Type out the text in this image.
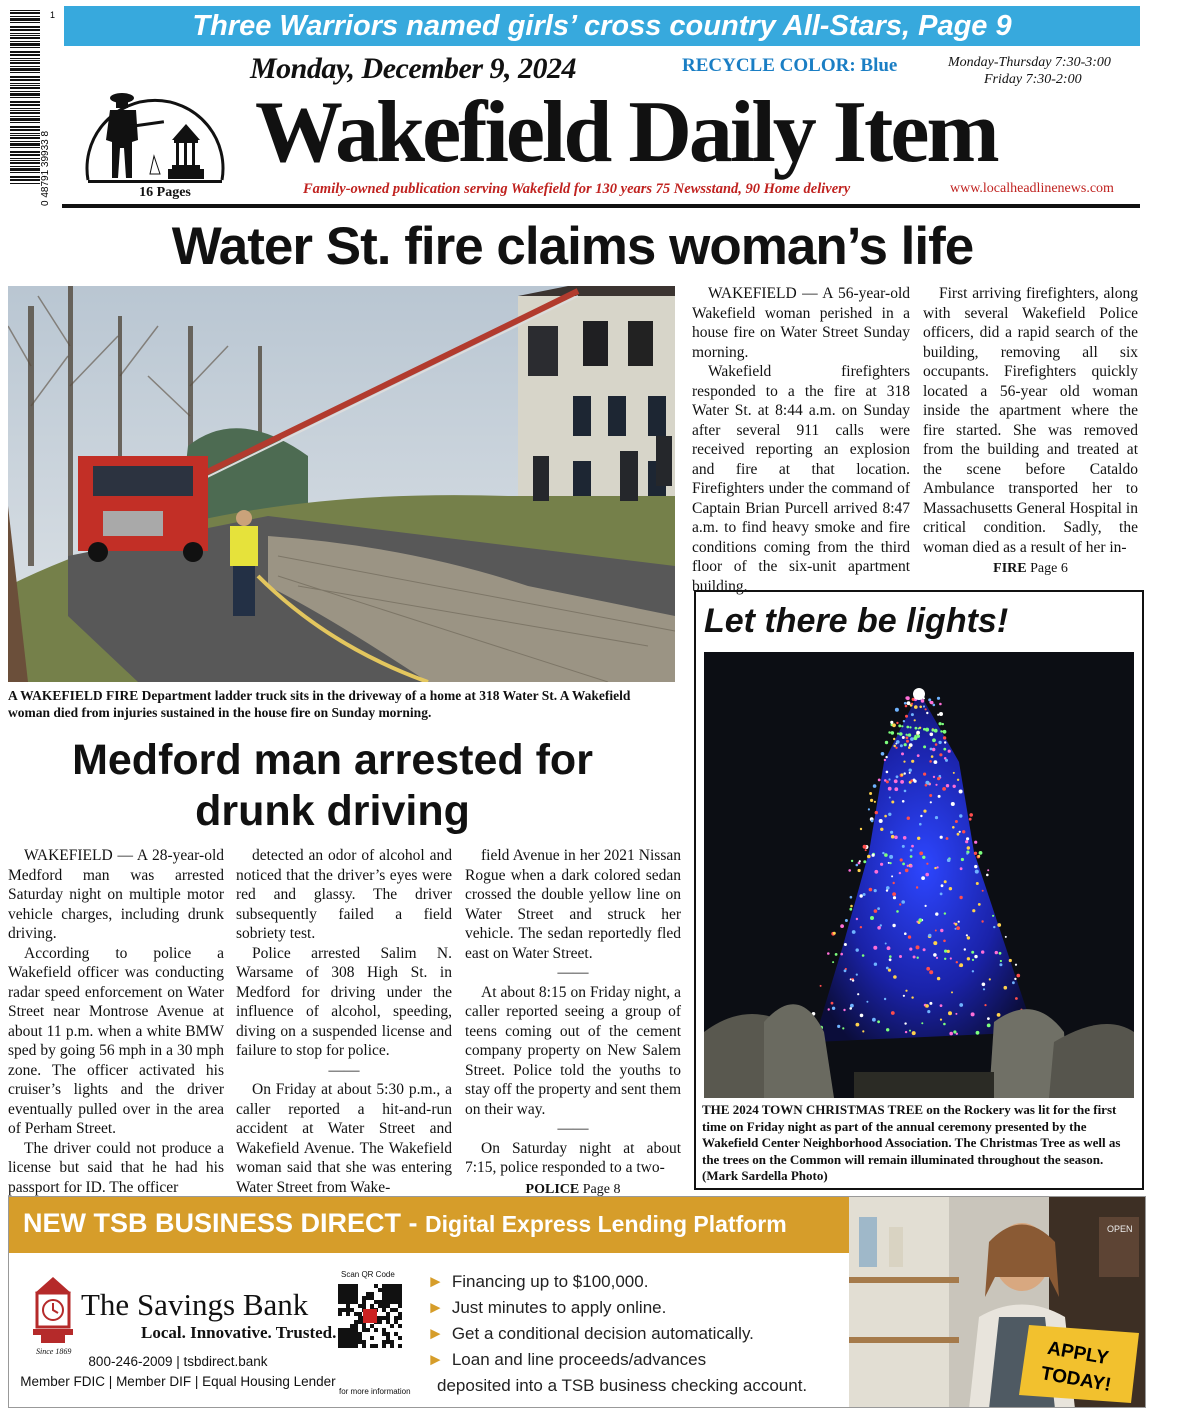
0 48791 39933 8
1	Three Warriors named girls’ cross country All-Stars, Page 9
16 Pages
Monday, December 9, 2024	RECYCLE COLOR: Blue	Monday-Thursday 7:30-3:00
Friday 7:30-2:00
Wakefield Daily Item
Family-owned publication serving Wakefield for 130 years 75 Newsstand, 90 Home delivery	www.localheadlinenews.com
Water St. fire claims woman’s life
A WAKEFIELD FIRE Department ladder truck sits in the driveway of a home at 318 Water St. A Wakefield woman died from injuries sustained in the house fire on Sunday morning.

WAKEFIELD — A 56-year-old Wakefield woman perished in a house fire on Water Street Sunday morning.

Wakefield firefighters responded to a the fire at 318 Water St. at 8:44 a.m. on Sunday after several 911 calls were received reporting an explosion and fire at that location. Firefighters under the command of Captain Brian Purcell arrived 8:47 a.m. to find heavy smoke and fire conditions coming from the third floor of the six-unit apartment building.

First arriving firefighters, along with several Wakefield Police officers, did a rapid search of the building, removing all six occupants. Firefighters quickly located a 56-year old woman inside the apartment where the fire started. She was removed from the building and treated at the scene before Cataldo Ambulance transported her to Massachusetts General Hospital in critical condition. Sadly, the woman died as a result of her in-

FIRE Page 6
Medford man arrested for drunk driving

WAKEFIELD — A 28-year-old Medford man was arrested Saturday night on multiple motor vehicle charges, including drunk driving.

According to police a Wakefield officer was conducting radar speed enforcement on Water Street near Montrose Avenue at about 11 p.m. when a white BMW sped by going 56 mph in a 30 mph zone. The officer activated his cruiser’s lights and the driver eventually pulled over in the area of Perham Street.

The driver could not produce a license but said that he had his passport for ID. The officer

detected an odor of alcohol and noticed that the driver’s eyes were red and glassy. The driver subsequently failed a field sobriety test.

Police arrested Salim N. Warsame of 308 High St. in Medford for driving under the influence of alcohol, speeding, diving on a suspended license and failure to stop for police.

——

On Friday at about 5:30 p.m., a caller reported a hit-and-run accident at Water Street and Wakefield Avenue. The Wakefield woman said that she was entering Water Street from Wake-

field Avenue in her 2021 Nissan Rogue when a dark colored sedan crossed the double yellow line on Water Street and struck her vehicle. The sedan reportedly fled east on Water Street.

——

At about 8:15 on Friday night, a caller reported seeing a group of teens coming out of the cement company property on New Salem Street. Police told the youths to stay off the property and sent them on their way.

——

On Saturday night at about 7:15, police responded to a two-

POLICE Page 8
Let there be lights!
THE 2024 TOWN CHRISTMAS TREE on the Rockery was lit for the first time on Friday night as part of the annual ceremony presented by the Wakefield Center Neighborhood Association. The Christmas Tree as well as the trees on the Common will remain illuminated throughout the season. (Mark Sardella Photo)
NEW TSB BUSINESS DIRECT - Digital Express Lending Platform
The Savings Bank
Local. Innovative. Trusted.
Since 1869
800-246-2009 | tsbdirect.bank
Member FDIC | Member DIF | Equal Housing Lender
Scan QR Code
for more information
► Financing up to $100,000.
► Just minutes to apply online.
► Get a conditional decision automatically.
► Loan and line proceeds/advances
deposited into a TSB business checking account.
OPEN
APPLY
TODAY!
